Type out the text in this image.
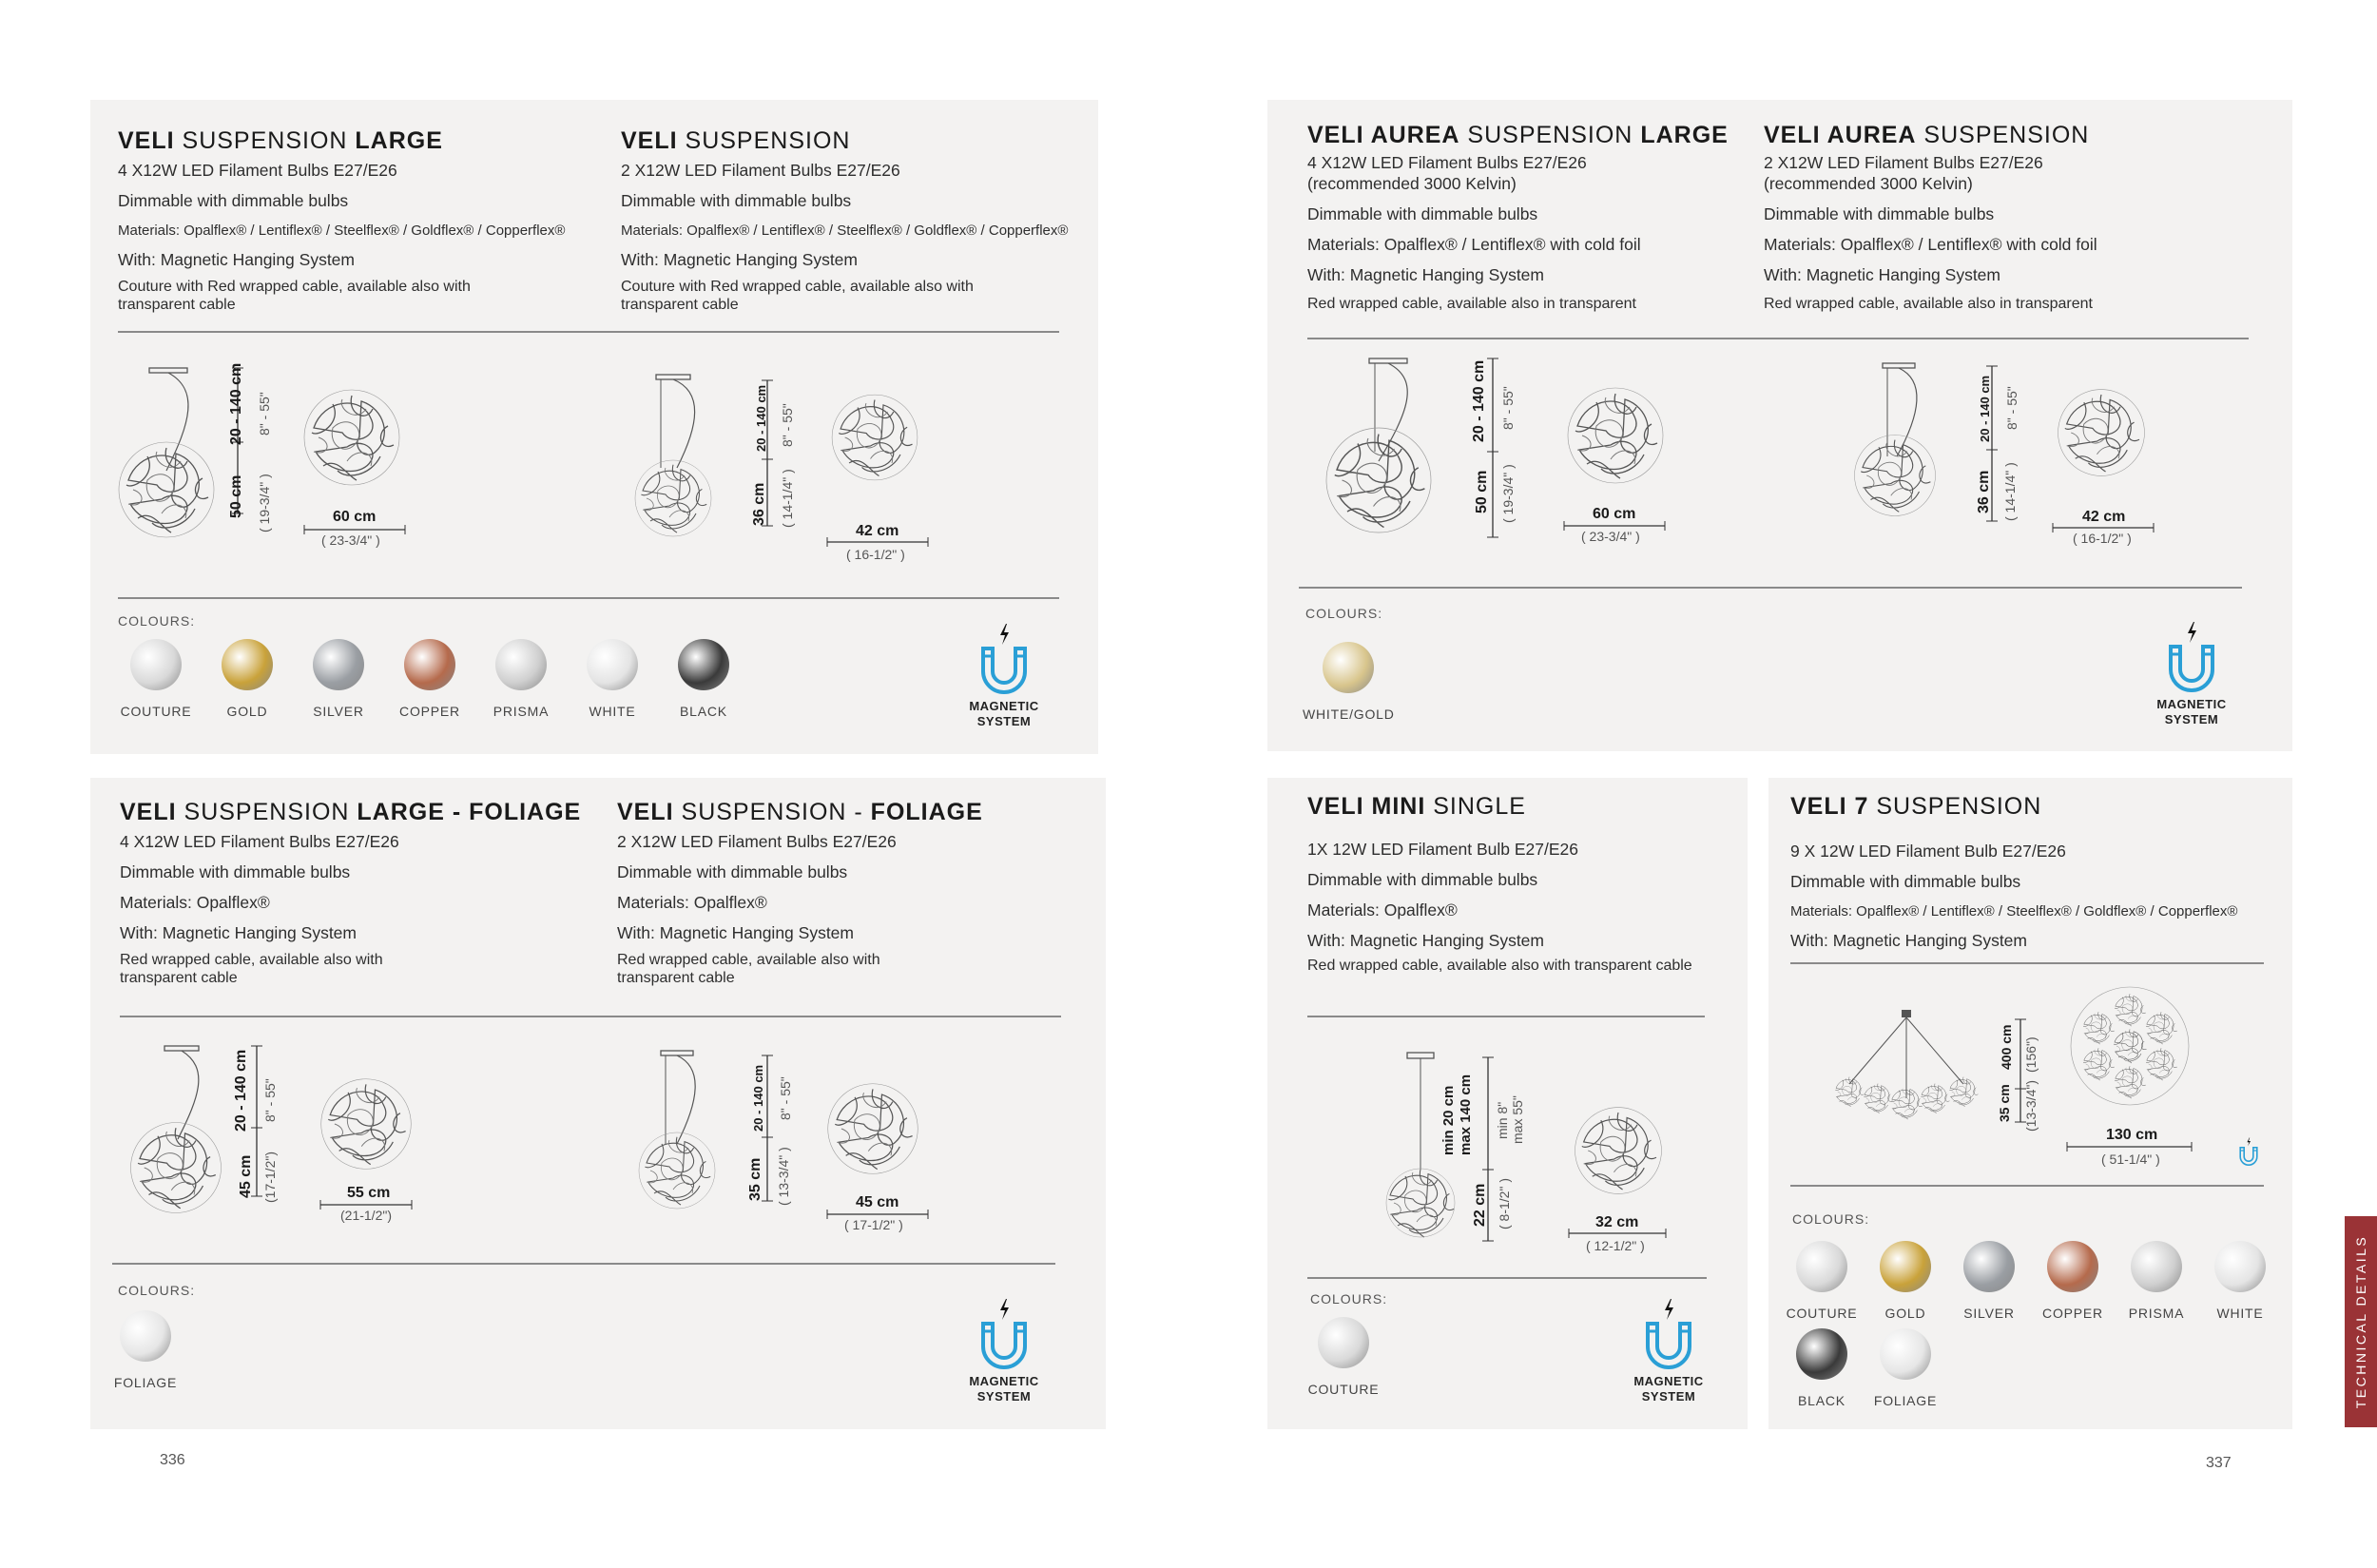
VELI SUSPENSION LARGE
4 X12W LED Filament Bulbs E27/E26
Dimmable with dimmable bulbs
Materials: Opalflex® / Lentiflex® / Steelflex® / Goldflex® / Copperflex®
With: Magnetic Hanging System
Couture with Red wrapped cable, available also with
transparent cable
VELI SUSPENSION
2 X12W LED Filament Bulbs E27/E26
Dimmable with dimmable bulbs
Materials: Opalflex® / Lentiflex® / Steelflex® / Goldflex® / Copperflex®
With: Magnetic Hanging System
Couture with Red wrapped cable, available also with
transparent cable
20 - 140 cm 8" - 55"
50 cm ( 19-3/4" )	60 cm
( 23-3/4" )
20 - 140 cm 8" - 55"
36 cm ( 14-1/4" )
42 cm
( 16-1/2" )
COLOURS:
COUTURE	GOLD	SILVER	COPPER	PRISMA	WHITE	BLACK	MAGNETIC
SYSTEM
VELI SUSPENSION LARGE - FOLIAGE
4 X12W LED Filament Bulbs E27/E26
Dimmable with dimmable bulbs
Materials: Opalflex®
With: Magnetic Hanging System
Red wrapped cable, available also with
transparent cable
VELI SUSPENSION - FOLIAGE
2 X12W LED Filament Bulbs E27/E26
Dimmable with dimmable bulbs
Materials: Opalflex®
With: Magnetic Hanging System
Red wrapped cable, available also with
transparent cable
20 - 140 cm 8" - 55"
45 cm (17-1/2")	55 cm
(21-1/2")
20 - 140 cm 8" - 55"
35 cm ( 13-3/4" )	45 cm
( 17-1/2" )
COLOURS:
FOLIAGE	MAGNETIC
SYSTEM
336
VELI AUREA SUSPENSION LARGE
4 X12W LED Filament Bulbs E27/E26
(recommended 3000 Kelvin)
Dimmable with dimmable bulbs
Materials: Opalflex® / Lentiflex® with cold foil
With: Magnetic Hanging System
Red wrapped cable, available also in transparent
VELI AUREA SUSPENSION
2 X12W LED Filament Bulbs E27/E26
(recommended 3000 Kelvin)
Dimmable with dimmable bulbs
Materials: Opalflex® / Lentiflex® with cold foil
With: Magnetic Hanging System
Red wrapped cable, available also in transparent
20 - 140 cm 8" - 55"
50 cm ( 19-3/4" )	60 cm
( 23-3/4" )
20 - 140 cm 8" - 55"
36 cm ( 14-1/4" )	42 cm
( 16-1/2" )
COLOURS:
WHITE/GOLD
MAGNETIC
SYSTEM
VELI MINI SINGLE
1X 12W LED Filament Bulb E27/E26
Dimmable with dimmable bulbs
Materials: Opalflex®
With: Magnetic Hanging System
Red wrapped cable, available also with transparent cable
min 20 cm max 140 cm min 8" max 55"
22 cm ( 8-1/2" )	32 cm
( 12-1/2" )
COLOURS:
COUTURE
MAGNETIC
SYSTEM
VELI 7 SUSPENSION
9 X 12W LED Filament Bulb E27/E26
Dimmable with dimmable bulbs
Materials: Opalflex® / Lentiflex® / Steelflex® / Goldflex® / Copperflex®
With: Magnetic Hanging System
400 cm (156")
35 cm (13-3/4")
130 cm
( 51-1/4" )
COLOURS:
COUTURE	GOLD	SILVER	COPPER	PRISMA	WHITE
BLACK	FOLIAGE
337
TECHNICAL DETAILS
